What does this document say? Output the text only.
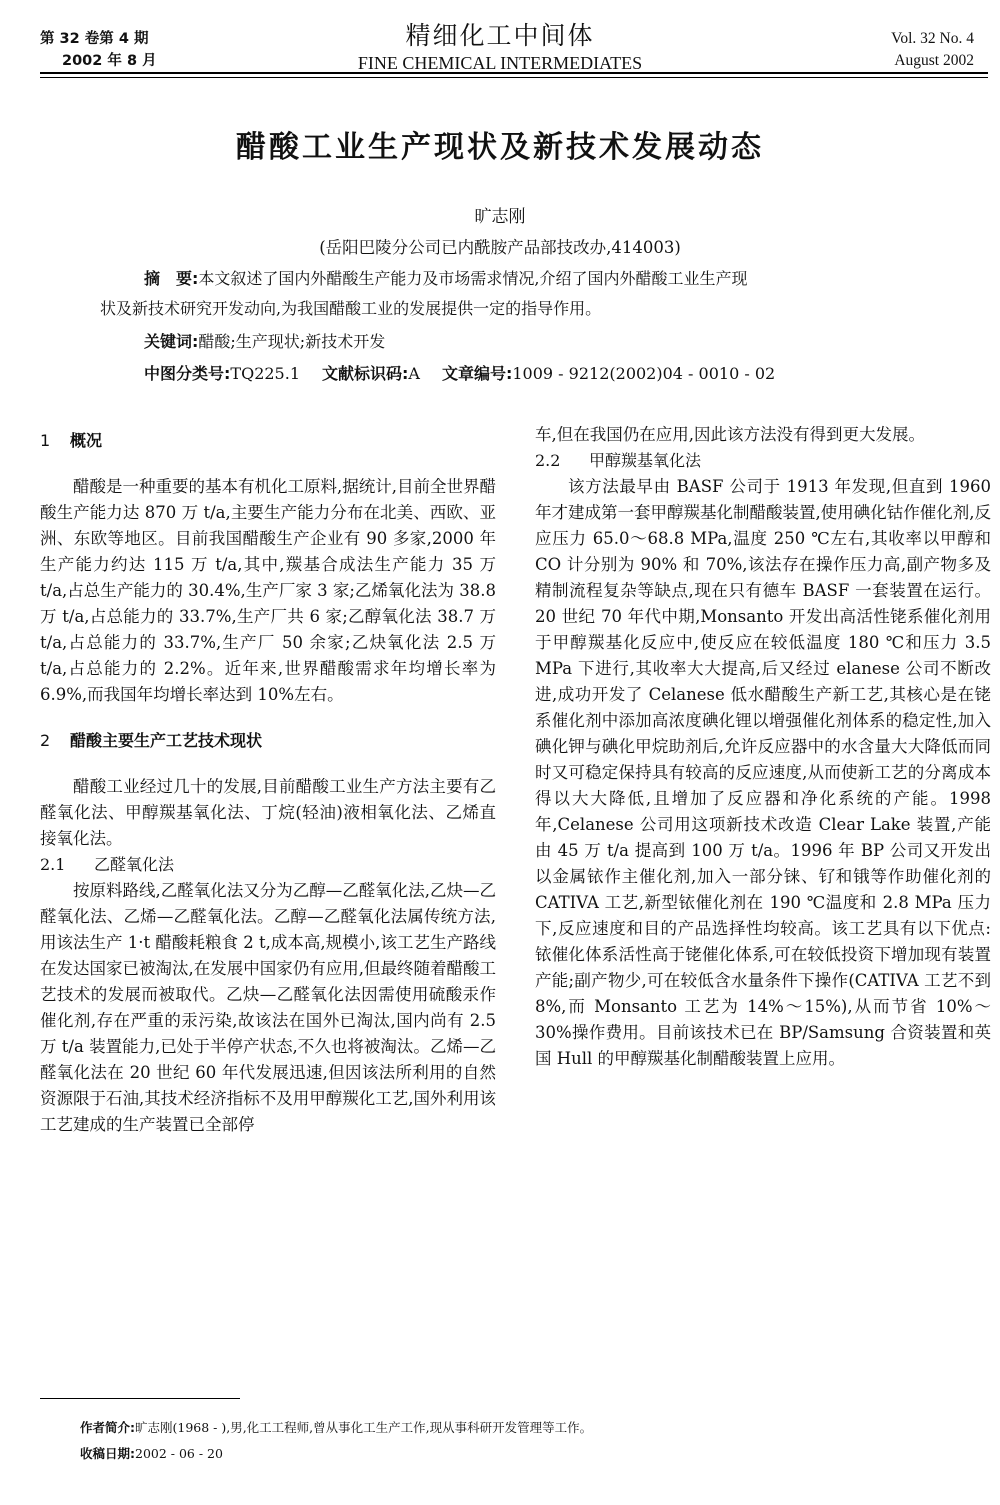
第 32 卷第 4 期
2002 年 8 月
精细化工中间体
FINE CHEMICAL INTERMEDIATES
Vol. 32 No. 4
August 2002
醋酸工业生产现状及新技术发展动态
旷志刚
(岳阳巴陵分公司已内酰胺产品部技改办,414003)
摘　要:本文叙述了国内外醋酸生产能力及市场需求情况,介绍了国内外醋酸工业生产现
状及新技术研究开发动向,为我国醋酸工业的发展提供一定的指导作用。
关键词:醋酸;生产现状;新技术开发
中图分类号:TQ225.1 文献标识码:A 文章编号:1009 - 9212(2002)04 - 0010 - 02
1 概况

醋酸是一种重要的基本有机化工原料,据统计,目前全世界醋酸生产能力达 870 万 t/a,主要生产能力分布在北美、西欧、亚洲、东欧等地区。目前我国醋酸生产企业有 90 多家,2000 年生产能力约达 115 万 t/a,其中,羰基合成法生产能力 35 万 t/a,占总生产能力的 30.4%,生产厂家 3 家;乙烯氧化法为 38.8 万 t/a,占总能力的 33.7%,生产厂共 6 家;乙醇氧化法 38.7 万 t/a,占总能力的 33.7%,生产厂 50 余家;乙炔氧化法 2.5 万 t/a,占总能力的 2.2%。近年来,世界醋酸需求年均增长率为 6.9%,而我国年均增长率达到 10%左右。

2 醋酸主要生产工艺技术现状

醋酸工业经过几十的发展,目前醋酸工业生产方法主要有乙醛氧化法、甲醇羰基氧化法、丁烷(轻油)液相氧化法、乙烯直接氧化法。

2.1 乙醛氧化法

按原料路线,乙醛氧化法又分为乙醇—乙醛氧化法,乙炔—乙醛氧化法、乙烯—乙醛氧化法。乙醇—乙醛氧化法属传统方法,用该法生产 1·t 醋酸耗粮食 2 t,成本高,规模小,该工艺生产路线在发达国家已被淘汰,在发展中国家仍有应用,但最终随着醋酸工艺技术的发展而被取代。乙炔—乙醛氧化法因需使用硫酸汞作催化剂,存在严重的汞污染,故该法在国外已淘汰,国内尚有 2.5 万 t/a 装置能力,已处于半停产状态,不久也将被淘汰。乙烯—乙醛氧化法在 20 世纪 60 年代发展迅速,但因该法所利用的自然资源限于石油,其技术经济指标不及用甲醇羰化工艺,国外利用该工艺建成的生产装置已全部停

车,但在我国仍在应用,因此该方法没有得到更大发展。

2.2 甲醇羰基氧化法

该方法最早由 BASF 公司于 1913 年发现,但直到 1960 年才建成第一套甲醇羰基化制醋酸装置,使用碘化钴作催化剂,反应压力 65.0～68.8 MPa,温度 250 ℃左右,其收率以甲醇和 CO 计分别为 90% 和 70%,该法存在操作压力高,副产物多及精制流程复杂等缺点,现在只有德车 BASF 一套装置在运行。20 世纪 70 年代中期,Monsanto 开发出高活性铑系催化剂用于甲醇羰基化反应中,使反应在较低温度 180 ℃和压力 3.5 MPa 下进行,其收率大大提高,后又经过 elanese 公司不断改进,成功开发了 Celanese 低水醋酸生产新工艺,其核心是在铑系催化剂中添加高浓度碘化锂以增强催化剂体系的稳定性,加入碘化钾与碘化甲烷助剂后,允许反应器中的水含量大大降低而同时又可稳定保持具有较高的反应速度,从而使新工艺的分离成本得以大大降低,且增加了反应器和净化系统的产能。1998 年,Celanese 公司用这项新技术改造 Clear Lake 装置,产能由 45 万 t/a 提高到 100 万 t/a。1996 年 BP 公司又开发出以金属铱作主催化剂,加入一部分铼、钌和锇等作助催化剂的 CATIVA 工艺,新型铱催化剂在 190 ℃温度和 2.8 MPa 压力下,反应速度和目的产品选择性均较高。该工艺具有以下优点:铱催化体系活性高于铑催化体系,可在较低投资下增加现有装置产能;副产物少,可在较低含水量条件下操作(CATIVA 工艺不到 8%,而 Monsanto 工艺为 14%～15%),从而节省 10%～30%操作费用。目前该技术已在 BP/Samsung 合资装置和英国 Hull 的甲醇羰基化制醋酸装置上应用。

作者简介:旷志刚(1968 - ),男,化工工程师,曾从事化工生产工作,现从事科研开发管理等工作。
收稿日期:2002 - 06 - 20
